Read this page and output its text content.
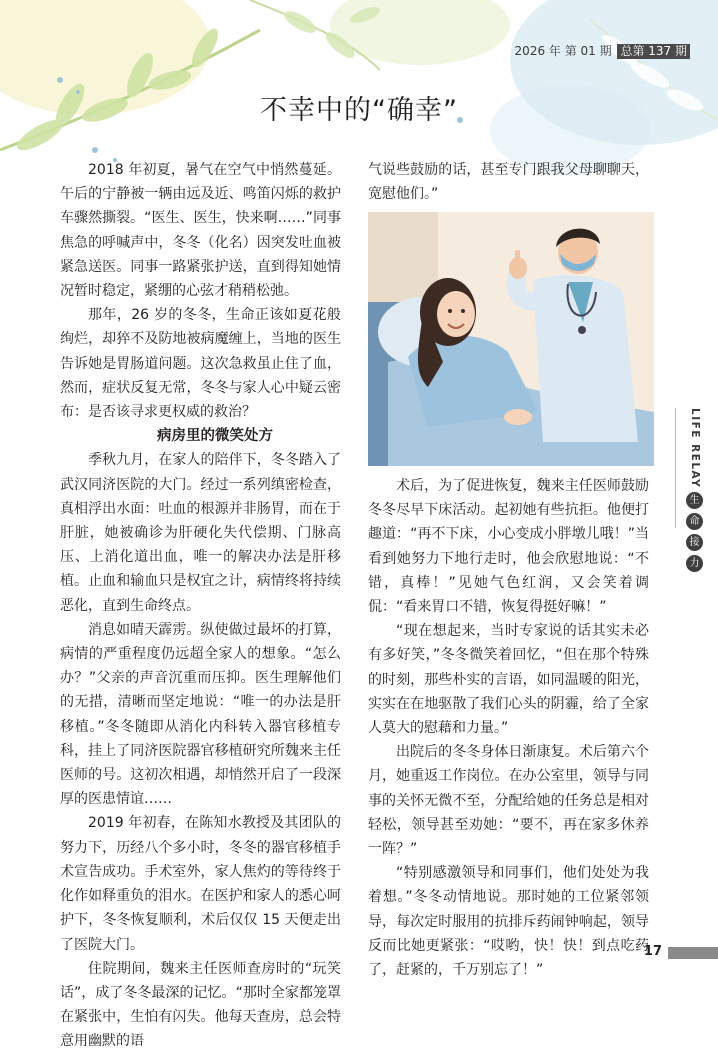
2026 年 第 01 期 总第 137 期
不幸中的“确幸”

2018 年初夏，暑气在空气中悄然蔓延。午后的宁静被一辆由远及近、鸣笛闪烁的救护车骤然撕裂。“医生、医生，快来啊……”同事焦急的呼喊声中，冬冬（化名）因突发吐血被紧急送医。同事一路紧张护送，直到得知她情况暂时稳定，紧绷的心弦才稍稍松弛。

那年，26 岁的冬冬，生命正该如夏花般绚烂，却猝不及防地被病魔缠上，当地的医生告诉她是胃肠道问题。这次急救虽止住了血，然而，症状反复无常，冬冬与家人心中疑云密布：是否该寻求更权威的救治？

病房里的微笑处方

季秋九月，在家人的陪伴下，冬冬踏入了武汉同济医院的大门。经过一系列缜密检查，真相浮出水面：吐血的根源并非肠胃，而在于肝脏，她被确诊为肝硬化失代偿期、门脉高压、上消化道出血，唯一的解决办法是肝移植。止血和输血只是权宜之计，病情终将持续恶化，直到生命终点。

消息如晴天霹雳。纵使做过最坏的打算，病情的严重程度仍远超全家人的想象。“怎么办？”父亲的声音沉重而压抑。医生理解他们的无措，清晰而坚定地说：“唯一的办法是肝移植。”冬冬随即从消化内科转入器官移植专科，挂上了同济医院器官移植研究所魏来主任医师的号。这初次相遇，却悄然开启了一段深厚的医患情谊……

2019 年初春，在陈知水教授及其团队的努力下，历经八个多小时，冬冬的器官移植手术宣告成功。手术室外，家人焦灼的等待终于化作如释重负的泪水。在医护和家人的悉心呵护下，冬冬恢复顺利，术后仅仅 15 天便走出了医院大门。

住院期间，魏来主任医师查房时的“玩笑话”，成了冬冬最深的记忆。“那时全家都笼罩在紧张中，生怕有闪失。他每天查房，总会特意用幽默的语

气说些鼓励的话，甚至专门跟我父母聊聊天，宽慰他们。”

术后，为了促进恢复，魏来主任医师鼓励冬冬尽早下床活动。起初她有些抗拒。他便打趣道：“再不下床，小心变成小胖墩儿哦！”当看到她努力下地行走时，他会欣慰地说：“不错，真棒！”见她气色红润，又会笑着调侃：“看来胃口不错，恢复得挺好嘛！”

“现在想起来，当时专家说的话其实未必有多好笑，”冬冬微笑着回忆，“但在那个特殊的时刻，那些朴实的言语，如同温暖的阳光，实实在在地驱散了我们心头的阴霾，给了全家人莫大的慰藉和力量。”

出院后的冬冬身体日渐康复。术后第六个月，她重返工作岗位。在办公室里，领导与同事的关怀无微不至，分配给她的任务总是相对轻松，领导甚至劝她：“要不，再在家多休养一阵？”

“特别感激领导和同事们，他们处处为我着想。”冬冬动情地说。那时她的工位紧邻领导，每次定时服用的抗排斥药闹钟响起，领导反而比她更紧张：“哎哟，快！快！到点吃药了，赶紧的，千万别忘了！”

LIFE RELAY
生
命
接
力
17
